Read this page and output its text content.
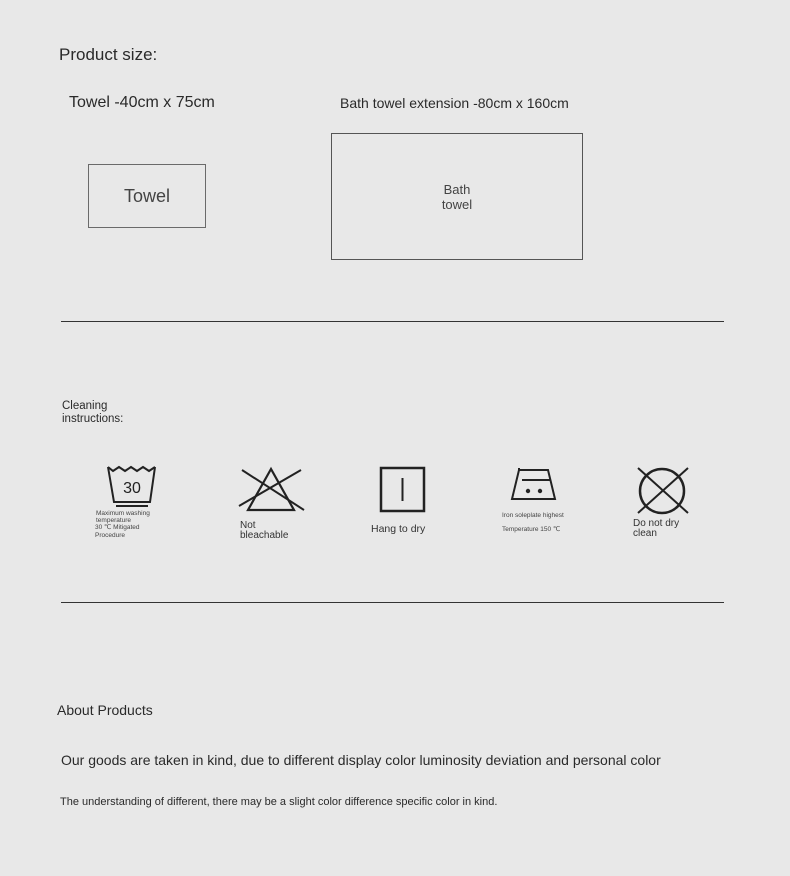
Product size:
Towel -40cm x 75cm	Bath towel extension -80cm x 160cm
Towel	Bath
towel
Cleaning
instructions:
30
Maximum washing
temperature
30 ℃ Mitigated
Procedure
Not
bleachable
Hang to dry
Iron soleplate highest
Temperature 150 ℃
Do not dry
clean
About Products
Our goods are taken in kind, due to different display color luminosity deviation and personal color
The understanding of different, there may be a slight color difference specific color in kind.
